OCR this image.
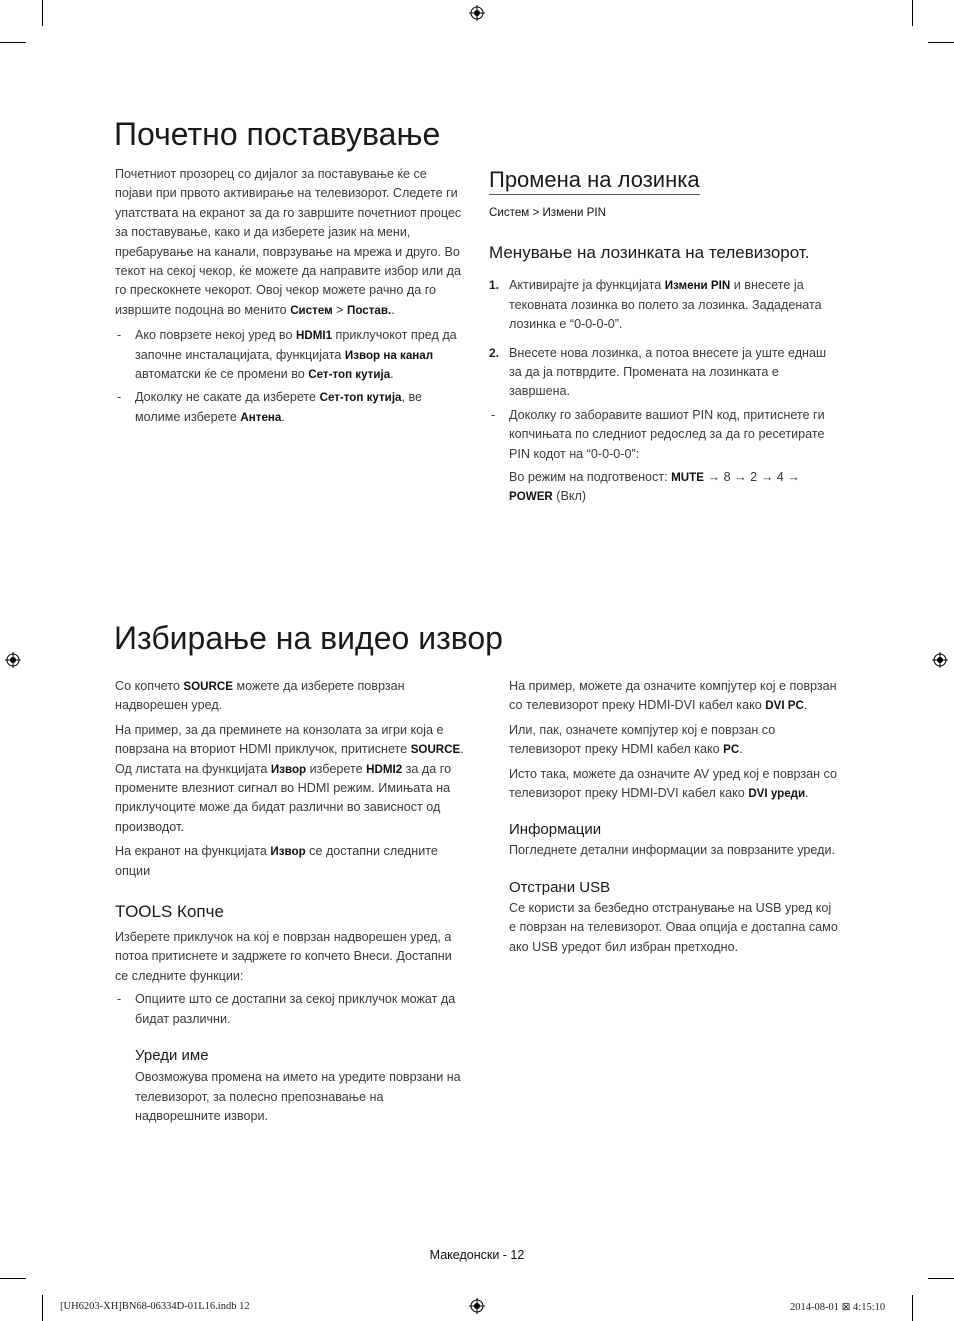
Почетно поставување

Почетниот прозорец со дијалог за поставување ќе се појави при првото активирање на телевизорот. Следете ги упатствата на екранот за да го завршите почетниот процес за поставување, како и да изберете јазик на мени, пребарување на канали, поврзување на мрежа и друго. Во текот на секој чекор, ќе можете да направите избор или да го прескокнете чекорот. Овој чекор можете рачно да го извршите подоцна во менито Систем > Постав..

- Ако поврзете некој уред во HDMI1 приклучокот пред да започне инсталацијата, функцијата Извор на канал автоматски ќе се промени во Сет-топ кутија.

- Доколку не сакате да изберете Сет-топ кутија, ве молиме изберете Антена.

Промена на лозинка

Систем > Измени PIN

Менување на лозинката на телевизорот.
1. Активирајте ја функцијата Измени PIN и внесете ја тековната лозинка во полето за лозинка. Зададената лозинка е “0-0-0-0”.

2. Внесете нова лозинка, а потоа внесете ја уште еднаш за да ја потврдите. Промената на лозинката е завршена.

- Доколку го заборавите вашиот PIN код, притиснете ги копчињата по следниот редослед за да го ресетирате PIN кодот на “0-0-0-0”:

Во режим на подготвеност: MUTE → 8 → 2 → 4 → POWER (Вкл)

Избирање на видео извор

Со копчето SOURCE можете да изберете поврзан надворешен уред.

На пример, за да преминете на конзолата за игри која е поврзана на вториот HDMI приклучок, притиснете SOURCE. Од листата на функцијата Извор изберете HDMI2 за да го промените влезниот сигнал во HDMI режим. Имињата на приклучоците може да бидат различни во зависност од производот.

На екранот на функцијата Извор се достапни следните опции

TOOLS Копче

Изберете приклучок на кој е поврзан надворешен уред, а потоа притиснете и задржете го копчето Внеси. Достапни се следните функции:

- Опциите што се достапни за секој приклучок можат да бидат различни.

Уреди име

Овозможува промена на името на уредите поврзани на телевизорот, за полесно препознавање на надворешните извори.

На пример, можете да означите компјутер кој е поврзан со телевизорот преку HDMI-DVI кабел како DVI PC.

Или, пак, означете компјутер кој е поврзан со телевизорот преку HDMI кабел како PC.

Исто така, можете да означите AV уред кој е поврзан со телевизорот преку HDMI-DVI кабел како DVI уреди.

Информации

Погледнете детални информации за поврзаните уреди.

Отстрани USB

Се користи за безбедно отстранување на USB уред кој е поврзан на телевизорот. Оваа опција е достапна само ако USB уредот бил избран претходно.

Македонски - 12
[UH6203-XH]BN68-06334D-01L16.indb 12	2014-08-01 ⊠ 4:15:10
